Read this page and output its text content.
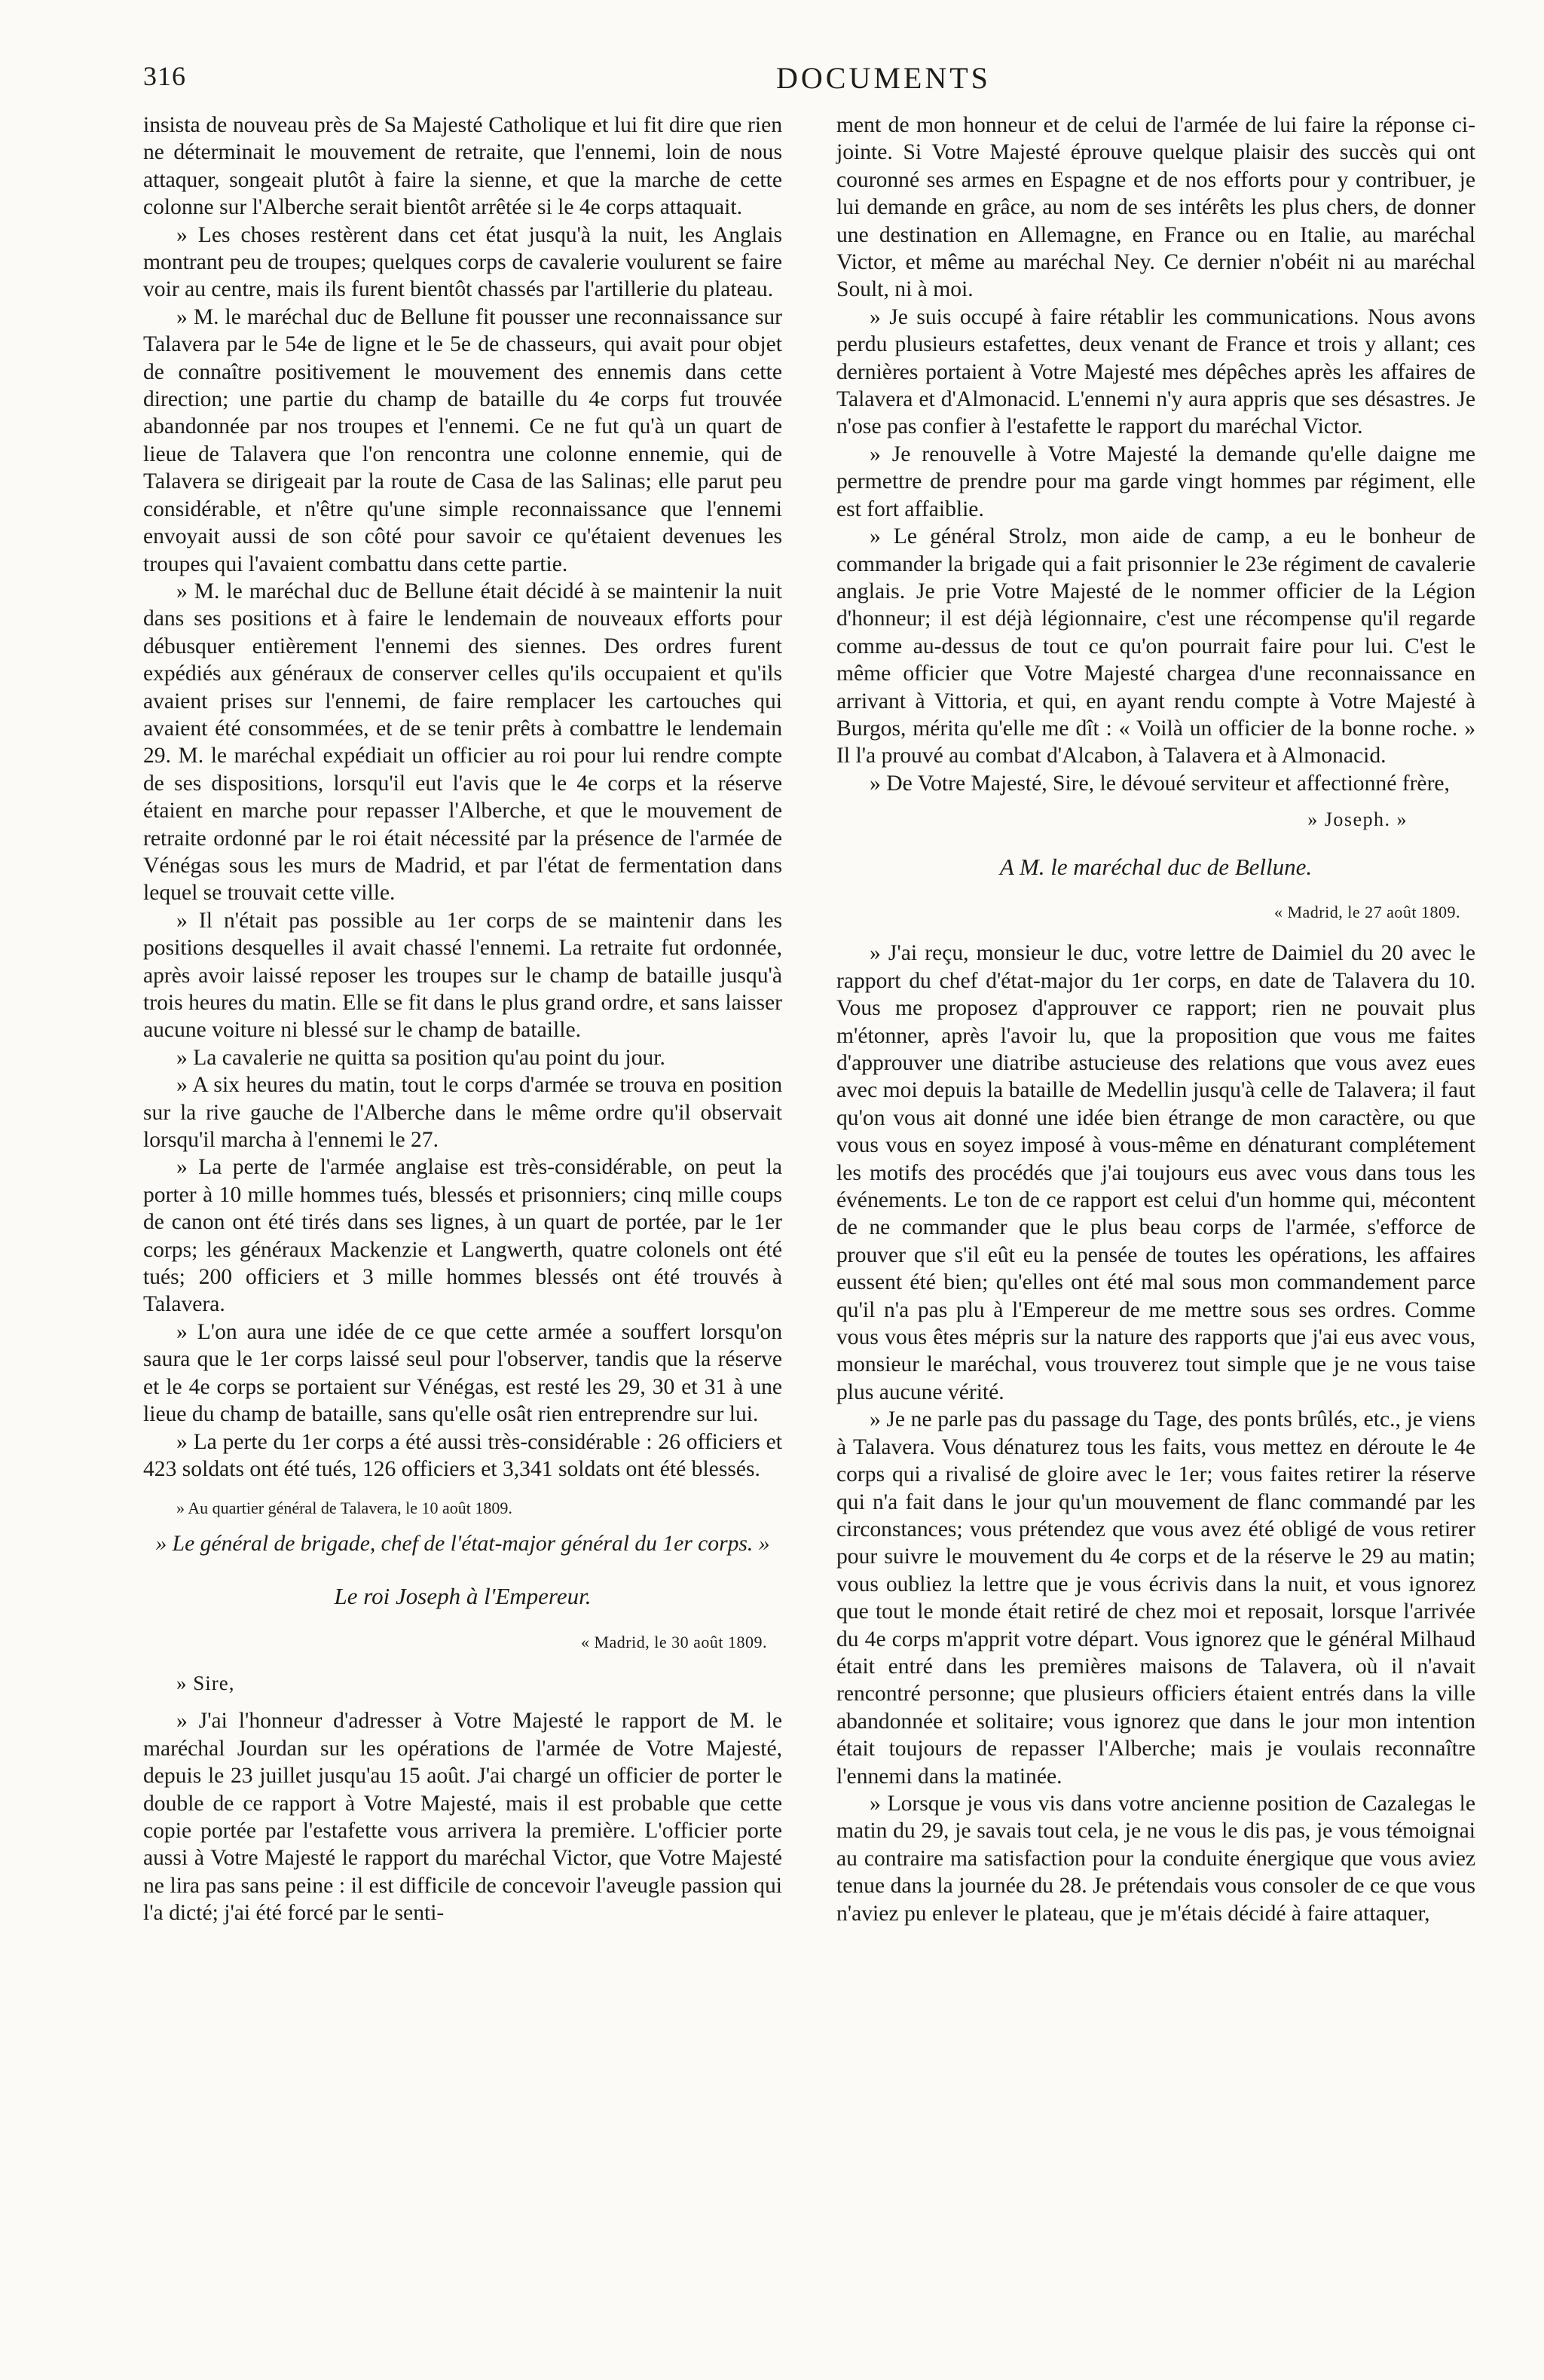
316	DOCUMENTS

insista de nouveau près de Sa Majesté Catholique et lui fit dire que rien ne déterminait le mouvement de retraite, que l'ennemi, loin de nous attaquer, songeait plutôt à faire la sienne, et que la marche de cette colonne sur l'Alberche serait bientôt arrêtée si le 4e corps attaquait.

» Les choses restèrent dans cet état jusqu'à la nuit, les Anglais montrant peu de troupes; quelques corps de cavalerie voulurent se faire voir au centre, mais ils furent bientôt chassés par l'artillerie du plateau.

» M. le maréchal duc de Bellune fit pousser une reconnaissance sur Talavera par le 54e de ligne et le 5e de chasseurs, qui avait pour objet de connaître positivement le mouvement des ennemis dans cette direction; une partie du champ de bataille du 4e corps fut trouvée abandonnée par nos troupes et l'ennemi. Ce ne fut qu'à un quart de lieue de Talavera que l'on rencontra une colonne ennemie, qui de Talavera se dirigeait par la route de Casa de las Salinas; elle parut peu considérable, et n'être qu'une simple reconnaissance que l'ennemi envoyait aussi de son côté pour savoir ce qu'étaient devenues les troupes qui l'avaient combattu dans cette partie.

» M. le maréchal duc de Bellune était décidé à se maintenir la nuit dans ses positions et à faire le lendemain de nouveaux efforts pour débusquer entièrement l'ennemi des siennes. Des ordres furent expédiés aux généraux de conserver celles qu'ils occupaient et qu'ils avaient prises sur l'ennemi, de faire remplacer les cartouches qui avaient été consommées, et de se tenir prêts à combattre le lendemain 29. M. le maréchal expédiait un officier au roi pour lui rendre compte de ses dispositions, lorsqu'il eut l'avis que le 4e corps et la réserve étaient en marche pour repasser l'Alberche, et que le mouvement de retraite ordonné par le roi était nécessité par la présence de l'armée de Vénégas sous les murs de Madrid, et par l'état de fermentation dans lequel se trouvait cette ville.

» Il n'était pas possible au 1er corps de se maintenir dans les positions desquelles il avait chassé l'ennemi. La retraite fut ordonnée, après avoir laissé reposer les troupes sur le champ de bataille jusqu'à trois heures du matin. Elle se fit dans le plus grand ordre, et sans laisser aucune voiture ni blessé sur le champ de bataille.

» La cavalerie ne quitta sa position qu'au point du jour.

» A six heures du matin, tout le corps d'armée se trouva en position sur la rive gauche de l'Alberche dans le même ordre qu'il observait lorsqu'il marcha à l'ennemi le 27.

» La perte de l'armée anglaise est très-considérable, on peut la porter à 10 mille hommes tués, blessés et prisonniers; cinq mille coups de canon ont été tirés dans ses lignes, à un quart de portée, par le 1er corps; les généraux Mackenzie et Langwerth, quatre colonels ont été tués; 200 officiers et 3 mille hommes blessés ont été trouvés à Talavera.

» L'on aura une idée de ce que cette armée a souffert lorsqu'on saura que le 1er corps laissé seul pour l'observer, tandis que la réserve et le 4e corps se portaient sur Vénégas, est resté les 29, 30 et 31 à une lieue du champ de bataille, sans qu'elle osât rien entreprendre sur lui.

» La perte du 1er corps a été aussi très-considérable : 26 officiers et 423 soldats ont été tués, 126 officiers et 3,341 soldats ont été blessés.

» Au quartier général de Talavera, le 10 août 1809.

» Le général de brigade, chef de l'état-major général du 1er corps. »

Le roi Joseph à l'Empereur.

« Madrid, le 30 août 1809.

» Sire,

» J'ai l'honneur d'adresser à Votre Majesté le rapport de M. le maréchal Jourdan sur les opérations de l'armée de Votre Majesté, depuis le 23 juillet jusqu'au 15 août. J'ai chargé un officier de porter le double de ce rapport à Votre Majesté, mais il est probable que cette copie portée par l'estafette vous arrivera la première. L'officier porte aussi à Votre Majesté le rapport du maréchal Victor, que Votre Majesté ne lira pas sans peine : il est difficile de concevoir l'aveugle passion qui l'a dicté; j'ai été forcé par le senti-

ment de mon honneur et de celui de l'armée de lui faire la réponse ci-jointe. Si Votre Majesté éprouve quelque plaisir des succès qui ont couronné ses armes en Espagne et de nos efforts pour y contribuer, je lui demande en grâce, au nom de ses intérêts les plus chers, de donner une destination en Allemagne, en France ou en Italie, au maréchal Victor, et même au maréchal Ney. Ce dernier n'obéit ni au maréchal Soult, ni à moi.

» Je suis occupé à faire rétablir les communications. Nous avons perdu plusieurs estafettes, deux venant de France et trois y allant; ces dernières portaient à Votre Majesté mes dépêches après les affaires de Talavera et d'Almonacid. L'ennemi n'y aura appris que ses désastres. Je n'ose pas confier à l'estafette le rapport du maréchal Victor.

» Je renouvelle à Votre Majesté la demande qu'elle daigne me permettre de prendre pour ma garde vingt hommes par régiment, elle est fort affaiblie.

» Le général Strolz, mon aide de camp, a eu le bonheur de commander la brigade qui a fait prisonnier le 23e régiment de cavalerie anglais. Je prie Votre Majesté de le nommer officier de la Légion d'honneur; il est déjà légionnaire, c'est une récompense qu'il regarde comme au-dessus de tout ce qu'on pourrait faire pour lui. C'est le même officier que Votre Majesté chargea d'une reconnaissance en arrivant à Vittoria, et qui, en ayant rendu compte à Votre Majesté à Burgos, mérita qu'elle me dît : « Voilà un officier de la bonne roche. » Il l'a prouvé au combat d'Alcabon, à Talavera et à Almonacid.

» De Votre Majesté, Sire, le dévoué serviteur et affectionné frère,

» Joseph. »

A M. le maréchal duc de Bellune.

« Madrid, le 27 août 1809.

» J'ai reçu, monsieur le duc, votre lettre de Daimiel du 20 avec le rapport du chef d'état-major du 1er corps, en date de Talavera du 10. Vous me proposez d'approuver ce rapport; rien ne pouvait plus m'étonner, après l'avoir lu, que la proposition que vous me faites d'approuver une diatribe astucieuse des relations que vous avez eues avec moi depuis la bataille de Medellin jusqu'à celle de Talavera; il faut qu'on vous ait donné une idée bien étrange de mon caractère, ou que vous vous en soyez imposé à vous-même en dénaturant complétement les motifs des procédés que j'ai toujours eus avec vous dans tous les événements. Le ton de ce rapport est celui d'un homme qui, mécontent de ne commander que le plus beau corps de l'armée, s'efforce de prouver que s'il eût eu la pensée de toutes les opérations, les affaires eussent été bien; qu'elles ont été mal sous mon commandement parce qu'il n'a pas plu à l'Empereur de me mettre sous ses ordres. Comme vous vous êtes mépris sur la nature des rapports que j'ai eus avec vous, monsieur le maréchal, vous trouverez tout simple que je ne vous taise plus aucune vérité.

» Je ne parle pas du passage du Tage, des ponts brûlés, etc., je viens à Talavera. Vous dénaturez tous les faits, vous mettez en déroute le 4e corps qui a rivalisé de gloire avec le 1er; vous faites retirer la réserve qui n'a fait dans le jour qu'un mouvement de flanc commandé par les circonstances; vous prétendez que vous avez été obligé de vous retirer pour suivre le mouvement du 4e corps et de la réserve le 29 au matin; vous oubliez la lettre que je vous écrivis dans la nuit, et vous ignorez que tout le monde était retiré de chez moi et reposait, lorsque l'arrivée du 4e corps m'apprit votre départ. Vous ignorez que le général Milhaud était entré dans les premières maisons de Talavera, où il n'avait rencontré personne; que plusieurs officiers étaient entrés dans la ville abandonnée et solitaire; vous ignorez que dans le jour mon intention était toujours de repasser l'Alberche; mais je voulais reconnaître l'ennemi dans la matinée.

» Lorsque je vous vis dans votre ancienne position de Cazalegas le matin du 29, je savais tout cela, je ne vous le dis pas, je vous témoignai au contraire ma satisfaction pour la conduite énergique que vous aviez tenue dans la journée du 28. Je prétendais vous consoler de ce que vous n'aviez pu enlever le plateau, que je m'étais décidé à faire attaquer,
